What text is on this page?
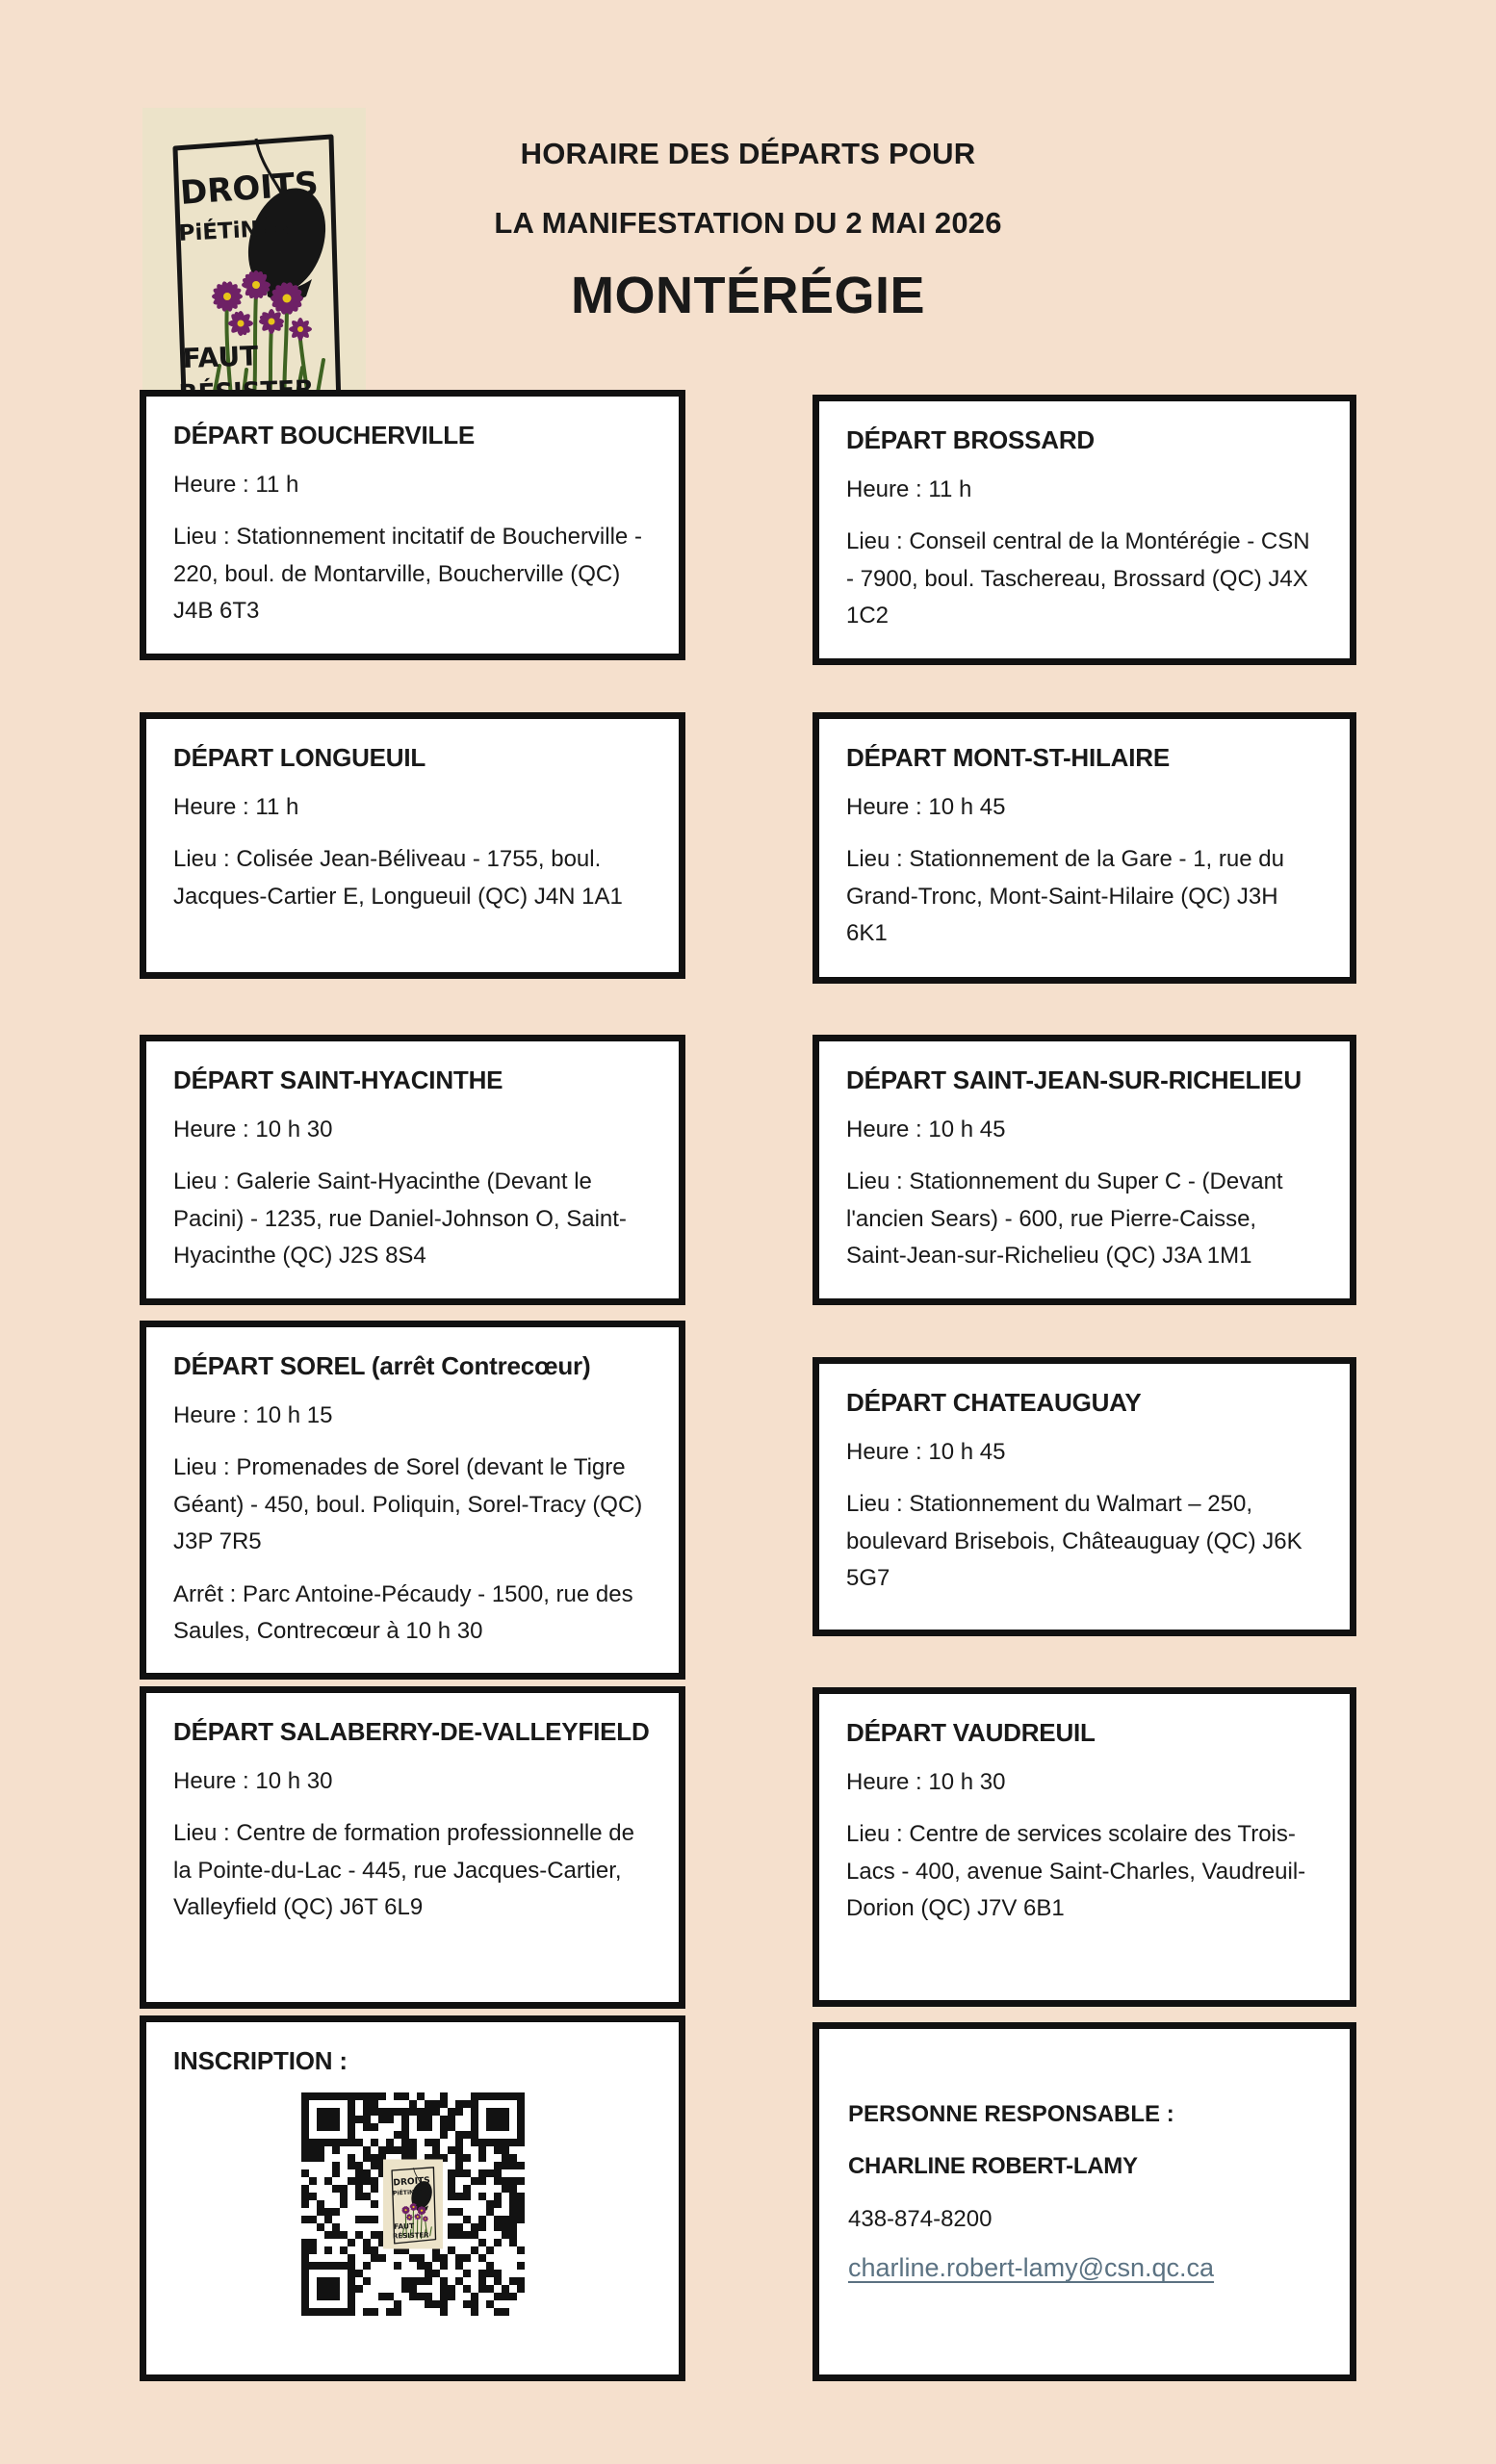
HORAIRE DES DÉPARTS POUR
LA MANIFESTATION DU 2 MAI 2026
MONTÉRÉGIE
DÉPART BOUCHERVILLE

Heure : 11 h

Lieu : Stationnement incitatif de Boucherville - 220, boul. de Montarville, Boucherville (QC) J4B 6T3

DÉPART BROSSARD

Heure : 11 h

Lieu : Conseil central de la Montérégie - CSN - 7900, boul. Taschereau, Brossard (QC) J4X 1C2

DÉPART LONGUEUIL

Heure : 11 h

Lieu : Colisée Jean-Béliveau - 1755, boul. Jacques-Cartier E, Longueuil (QC) J4N 1A1

DÉPART MONT-ST-HILAIRE

Heure : 10 h 45

Lieu : Stationnement de la Gare - 1, rue du Grand-Tronc, Mont-Saint-Hilaire (QC) J3H 6K1

DÉPART SAINT-HYACINTHE

Heure : 10 h 30

Lieu : Galerie Saint-Hyacinthe (Devant le Pacini) - 1235, rue Daniel-Johnson O, Saint-Hyacinthe (QC) J2S 8S4

DÉPART SAINT-JEAN-SUR-RICHELIEU

Heure : 10 h 45

Lieu : Stationnement du Super C - (Devant l'ancien Sears) - 600, rue Pierre-Caisse, Saint-Jean-sur-Richelieu (QC) J3A 1M1

DÉPART SOREL (arrêt Contrecœur)

Heure : 10 h 15

Lieu : Promenades de Sorel (devant le Tigre Géant) - 450, boul. Poliquin, Sorel-Tracy (QC) J3P 7R5

Arrêt : Parc Antoine-Pécaudy - 1500, rue des Saules, Contrecœur à 10 h 30

DÉPART CHATEAUGUAY

Heure : 10 h 45

Lieu : Stationnement du Walmart – 250, boulevard Brisebois, Châteauguay (QC) J6K 5G7

DÉPART SALABERRY-DE-VALLEYFIELD

Heure : 10 h 30

Lieu : Centre de formation professionnelle de la Pointe-du-Lac - 445, rue Jacques-Cartier, Valleyfield (QC) J6T 6L9

DÉPART VAUDREUIL

Heure : 10 h 30

Lieu : Centre de services scolaire des Trois-Lacs - 400, avenue Saint-Charles, Vaudreuil-Dorion (QC) J7V 6B1

INSCRIPTION :

PERSONNE RESPONSABLE :

CHARLINE ROBERT-LAMY

438-874-8200

charline.robert-lamy@csn.qc.ca
